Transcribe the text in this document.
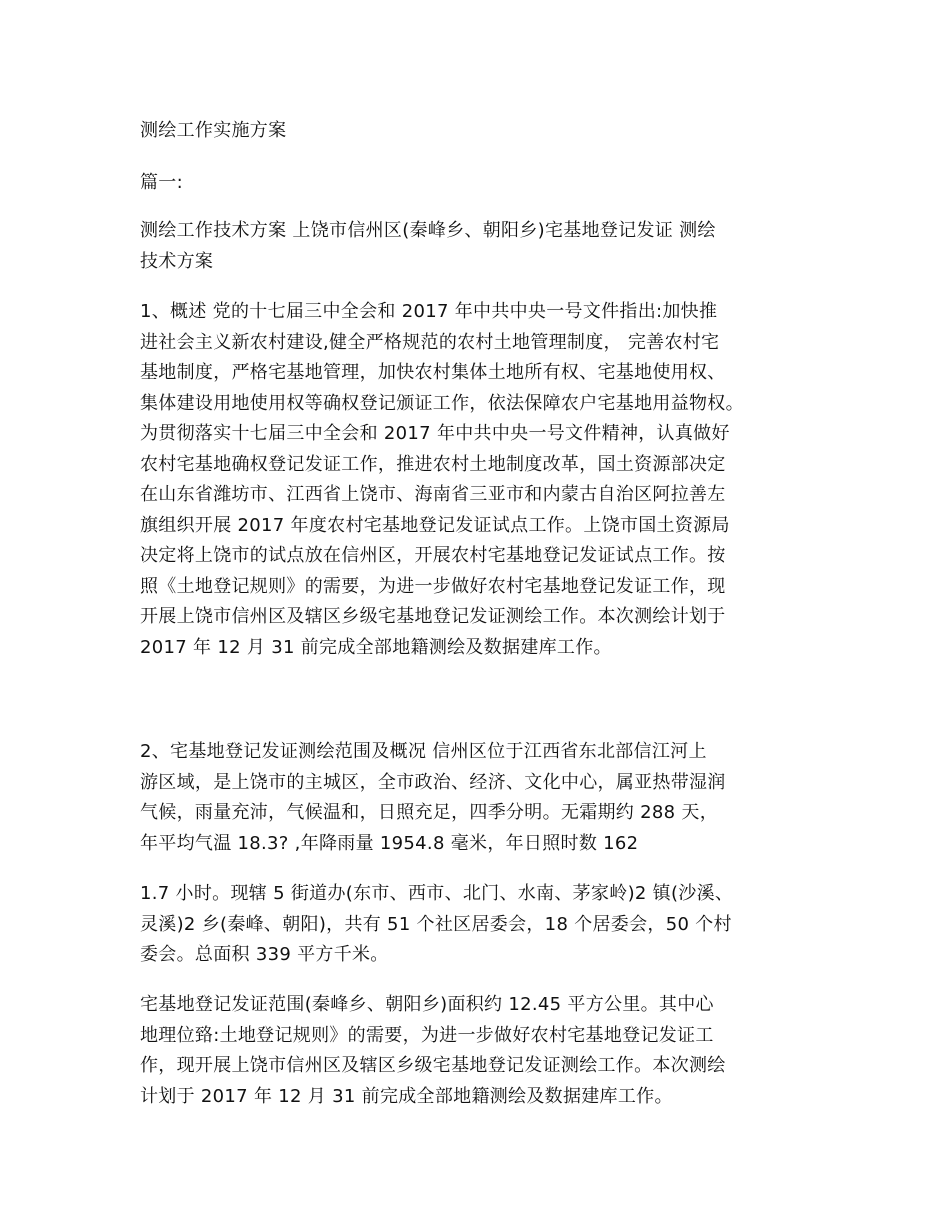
测绘工作实施方案

篇一:

测绘工作技术方案 上饶市信州区(秦峰乡、朝阳乡)宅基地登记发证 测绘
技术方案

1、概述 党的十七届三中全会和 2017 年中共中央一号文件指出:加快推
进社会主义新农村建设,健全严格规范的农村土地管理制度， 完善农村宅
基地制度，严格宅基地管理，加快农村集体土地所有权、宅基地使用权、
集体建设用地使用权等确权登记颁证工作，依法保障农户宅基地用益物权。
为贯彻落实十七届三中全会和 2017 年中共中央一号文件精神，认真做好
农村宅基地确权登记发证工作，推进农村土地制度改革，国土资源部决定
在山东省潍坊市、江西省上饶市、海南省三亚市和内蒙古自治区阿拉善左
旗组织开展 2017 年度农村宅基地登记发证试点工作。上饶市国土资源局
决定将上饶市的试点放在信州区，开展农村宅基地登记发证试点工作。按
照《土地登记规则》的需要，为进一步做好农村宅基地登记发证工作，现
开展上饶市信州区及辖区乡级宅基地登记发证测绘工作。本次测绘计划于
2017 年 12 月 31 前完成全部地籍测绘及数据建库工作。

2、宅基地登记发证测绘范围及概况 信州区位于江西省东北部信江河上
游区域，是上饶市的主城区，全市政治、经济、文化中心，属亚热带湿润
气候，雨量充沛，气候温和，日照充足，四季分明。无霜期约 288 天，
年平均气温 18.3? ,年降雨量 1954.8 毫米，年日照时数 162

1.7 小时。现辖 5 街道办(东市、西市、北门、水南、茅家岭)2 镇(沙溪、
灵溪)2 乡(秦峰、朝阳)，共有 51 个社区居委会，18 个居委会，50 个村
委会。总面积 339 平方千米。

宅基地登记发证范围(秦峰乡、朝阳乡)面积约 12.45 平方公里。其中心
地理位臵:土地登记规则》的需要，为进一步做好农村宅基地登记发证工
作，现开展上饶市信州区及辖区乡级宅基地登记发证测绘工作。本次测绘
计划于 2017 年 12 月 31 前完成全部地籍测绘及数据建库工作。
